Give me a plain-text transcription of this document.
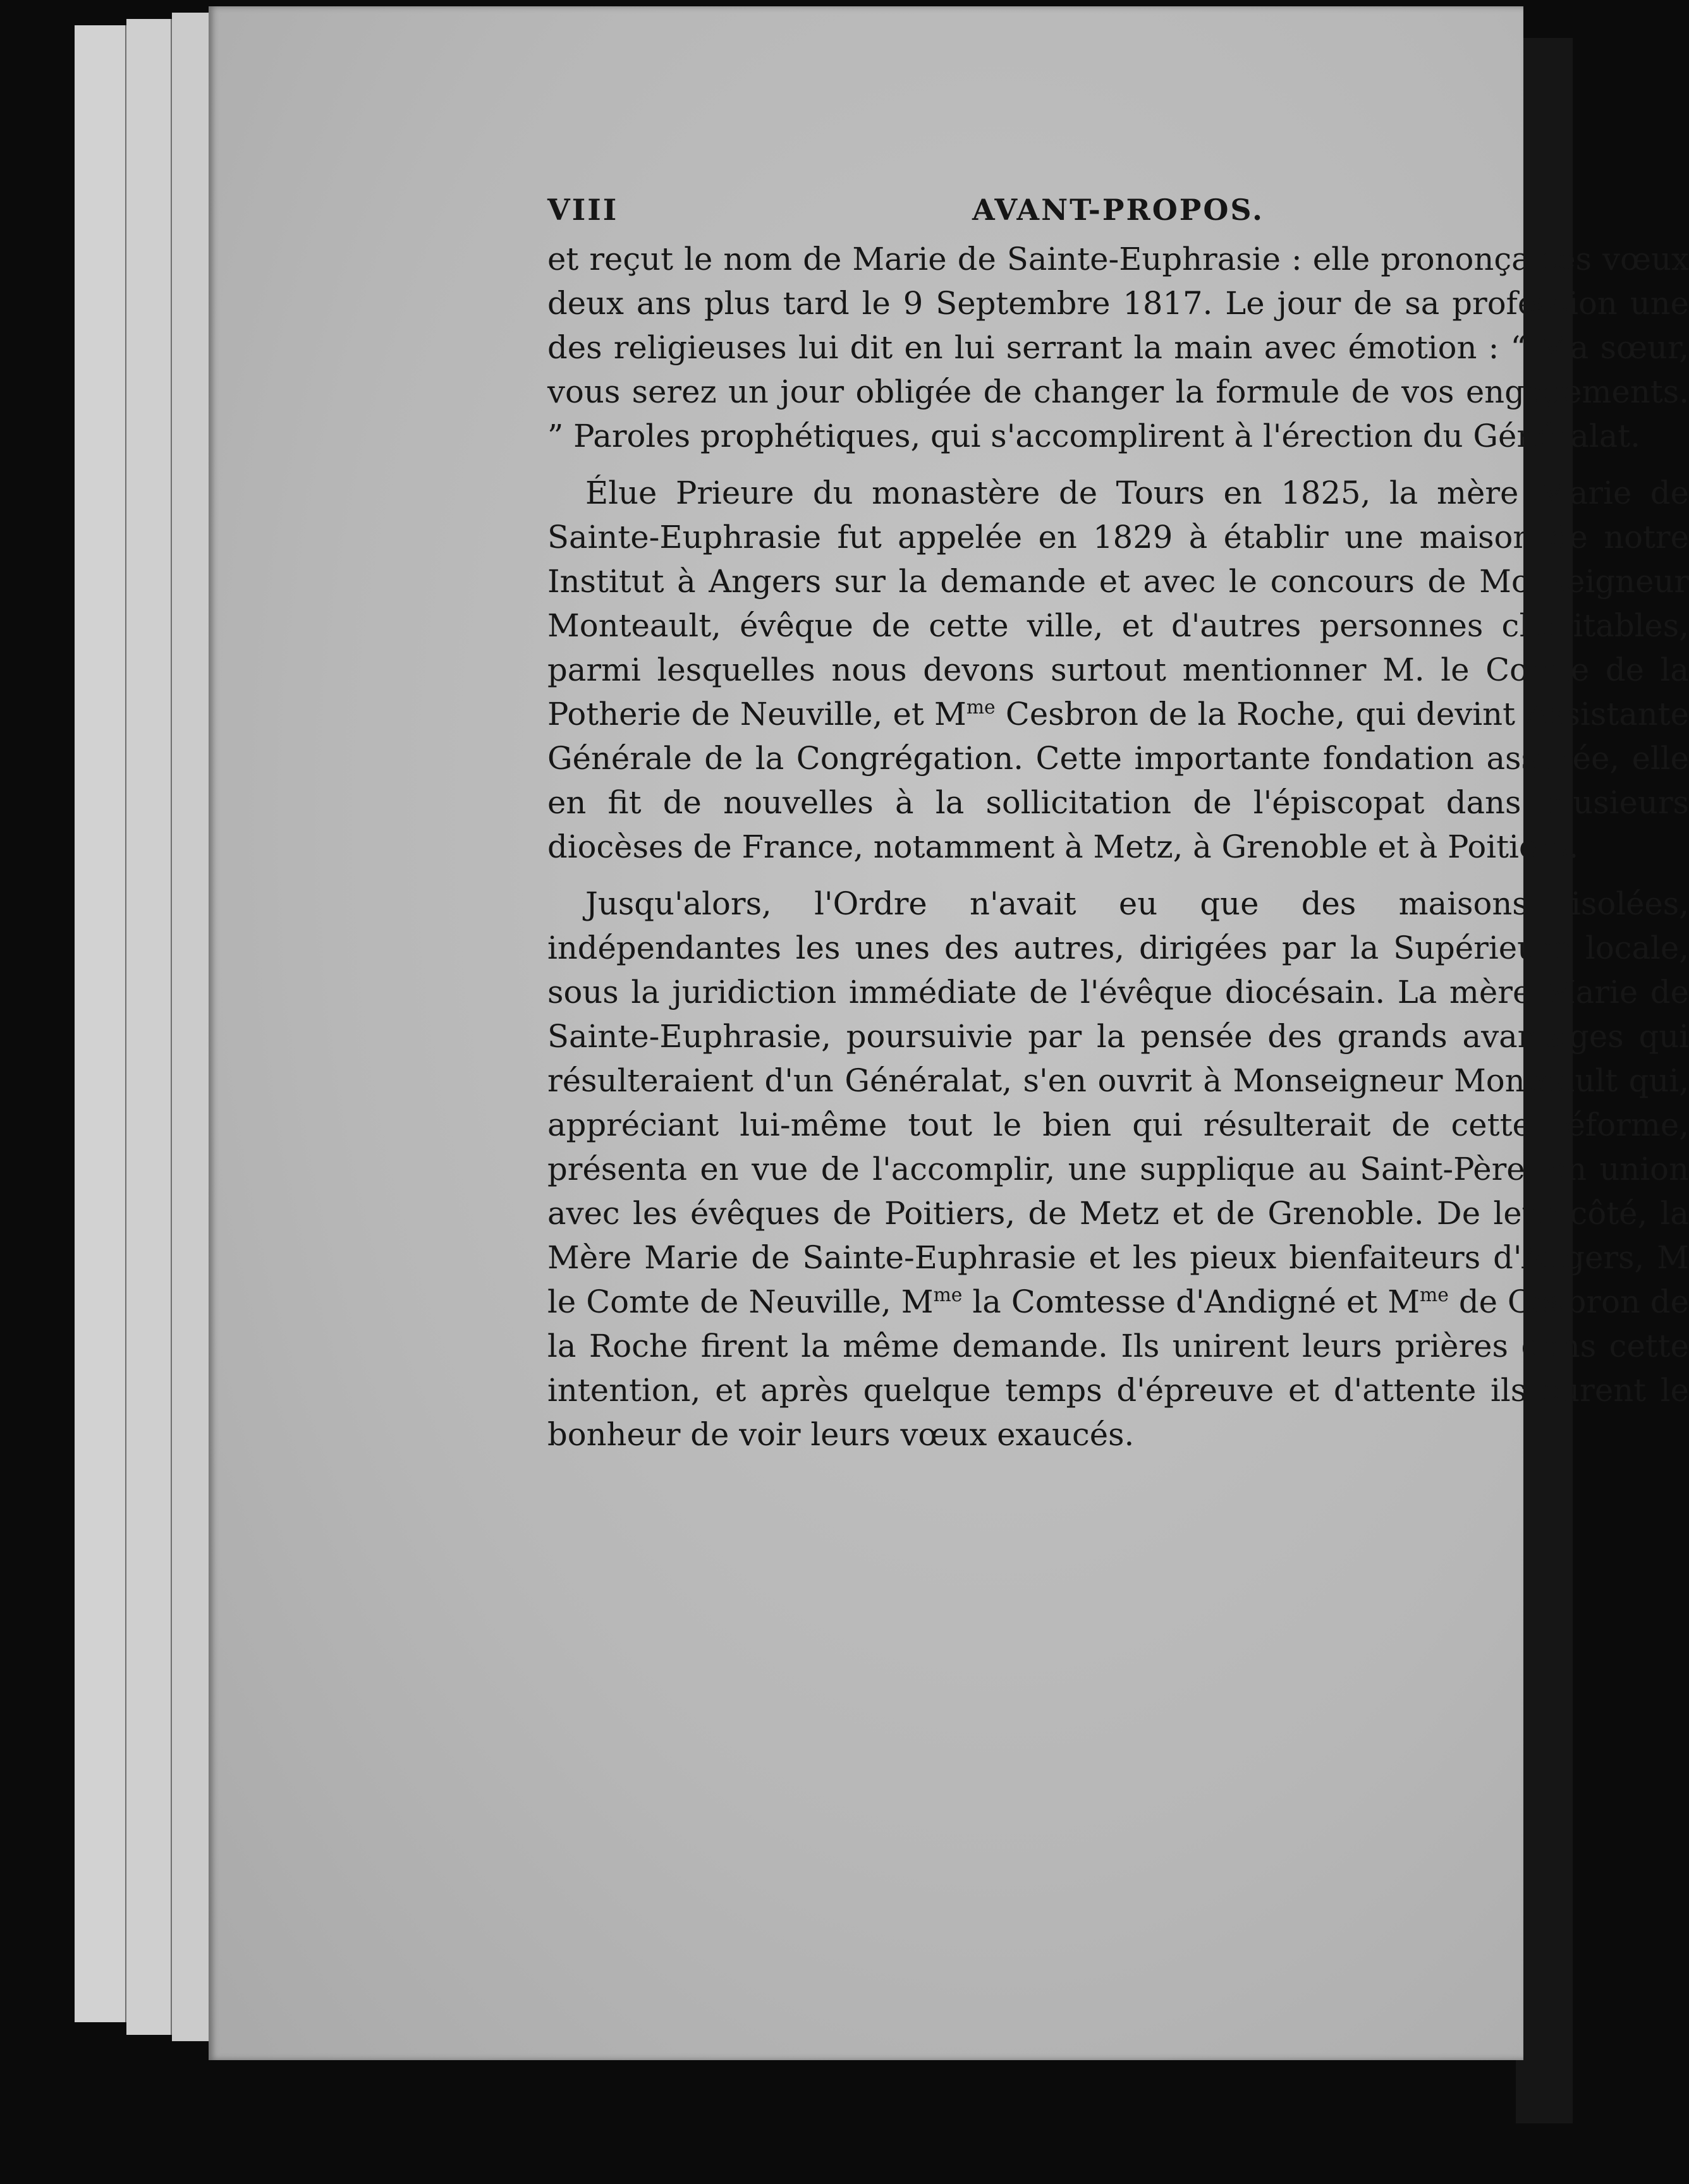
VIII	AVANT-PROPOS.

et reçut le nom de Marie de Sainte-Euphrasie : elle prononça ses vœux deux ans plus tard le 9 Septembre 1817. Le jour de sa profession une des religieuses lui dit en lui serrant la main avec émotion : “ Ma sœur, vous serez un jour obligée de changer la formule de vos engagements. ” Paroles prophétiques, qui s'accomplirent à l'érection du Généralat.

Élue Prieure du monastère de Tours en 1825, la mère Marie de Sainte-Euphrasie fut appelée en 1829 à établir une maison de notre Institut à Angers sur la demande et avec le concours de Monseigneur Monteault, évêque de cette ville, et d'autres personnes charitables, parmi lesquelles nous devons surtout mentionner M. le Comte de la Potherie de Neuville, et $M^{me}$ Cesbron de la Roche, qui devint Assistante Générale de la Congrégation. Cette importante fondation assurée, elle en fit de nouvelles à la sollicitation de l'épiscopat dans plusieurs diocèses de France, notamment à Metz, à Grenoble et à Poitiers.

Jusqu'alors, l'Ordre n'avait eu que des maisons isolées, indépendantes les unes des autres, dirigées par la Supérieure locale, sous la juridiction immédiate de l'évêque diocésain. La mère Marie de Sainte-Euphrasie, poursuivie par la pensée des grands avantages qui résulteraient d'un Généralat, s'en ouvrit à Monseigneur Monteault qui, appréciant lui-même tout le bien qui résulterait de cette réforme, présenta en vue de l'accomplir, une supplique au Saint-Père, en union avec les évêques de Poitiers, de Metz et de Grenoble. De leur côté, la Mère Marie de Sainte-Euphrasie et les pieux bienfaiteurs d'Angers, M le Comte de Neuville, $M^{me}$ la Comtesse d'Andigné et $M^{me}$ de Cesbron de la Roche firent la même demande. Ils unirent leurs prières dans cette intention, et après quelque temps d'épreuve et d'attente ils eurent le bonheur de voir leurs vœux exaucés.
